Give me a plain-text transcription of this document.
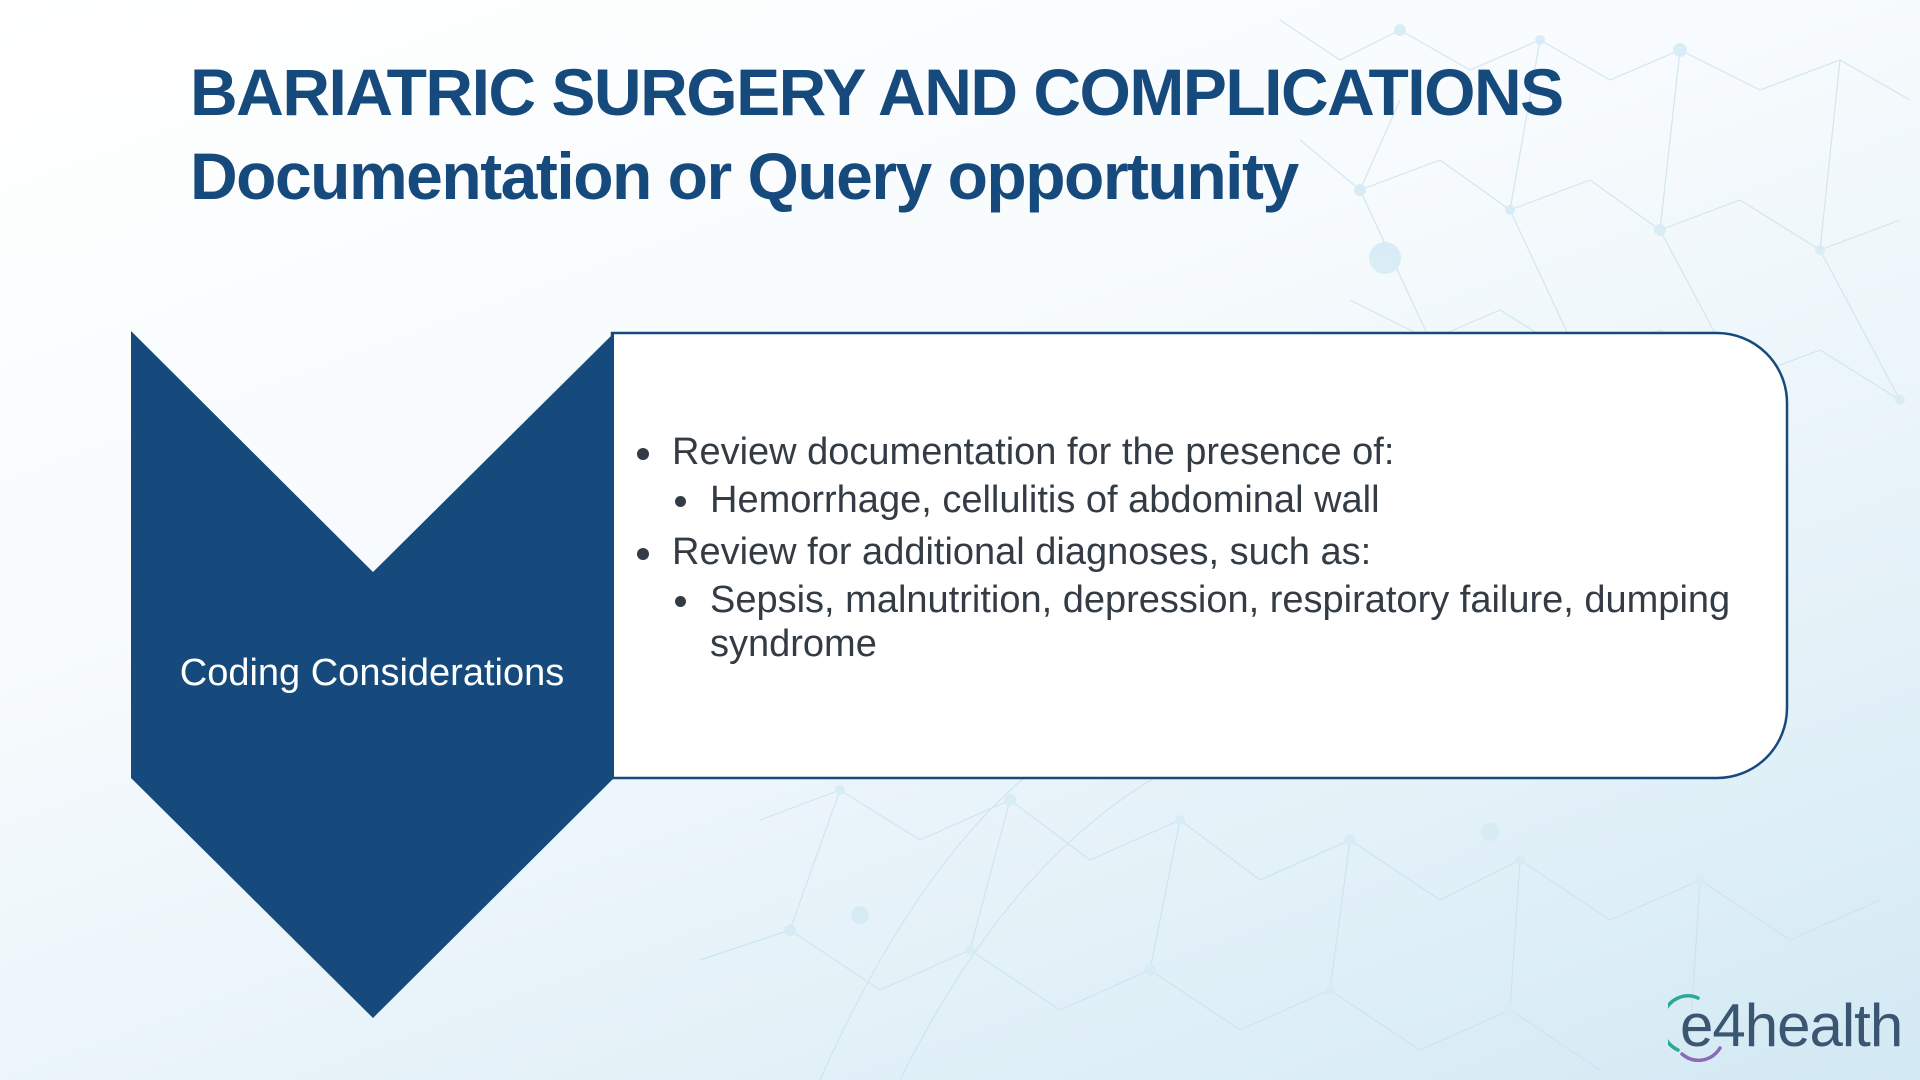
BARIATRIC SURGERY AND COMPLICATIONS
Documentation or Query opportunity
Coding Considerations
Review documentation for the presence of:
Hemorrhage, cellulitis of abdominal wall
Review for additional diagnoses, such as:
Sepsis, malnutrition, depression, respiratory failure, dumping syndrome
e4health
